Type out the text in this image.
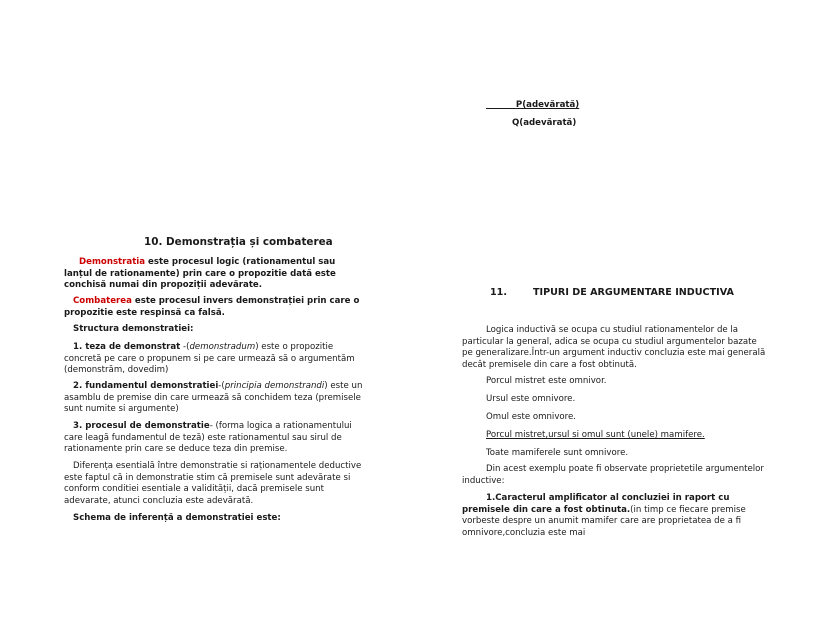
10. Demonstrația și combaterea

Demonstratia este procesul logic (rationamentul sau lanțul de rationamente) prin care o propozitie dată este conchisă numai din propoziții adevărate.

Combaterea este procesul invers demonstrației prin care o propozitie este respinsă ca falsă.

Structura demonstratiei:

1. teza de demonstrat -(demonstradum) este o propozitie concretă pe care o propunem si pe care urmează să o argumentăm (demonstrăm, dovedim)

2. fundamentul demonstratiei-(principia demonstrandi) este un asamblu de premise din care urmează să conchidem teza (premisele sunt numite si argumente)

3. procesul de demonstratie- (forma logica a rationamentului care leagă fundamentul de teză) este rationamentul sau sirul de rationamente prin care se deduce teza din premise.

Diferența esentială între demonstratie si raționamentele deductive este faptul că in demonstratie stim că premisele sunt adevărate si conform conditiei esentiale a validității, dacă premisele sunt adevarate, atunci concluzia este adevărată.

Schema de inferență a demonstratiei este:

P(adevărată)

Q(adevărată)

11.	TIPURI DE ARGUMENTARE INDUCTIVA

Logica inductivă se ocupa cu studiul rationamentelor de la particular la general, adica se ocupa cu studiul argumentelor bazate pe generalizare.Într-un argument inductiv concluzia este mai generală decât premisele din care a fost obtinută.

Porcul mistret este omnivor.

Ursul este omnivore.

Omul este omnivore.

Porcul mistret,ursul si omul sunt (unele) mamifere.

Toate mamiferele sunt omnivore.

Din acest exemplu poate fi observate proprietetile argumentelor inductive:

1.Caracterul amplificator al concluziei in raport cu premisele din care a fost obtinuta.(in timp ce fiecare premise vorbeste despre un anumit mamifer care are proprietatea de a fi omnivore,concluzia este mai
